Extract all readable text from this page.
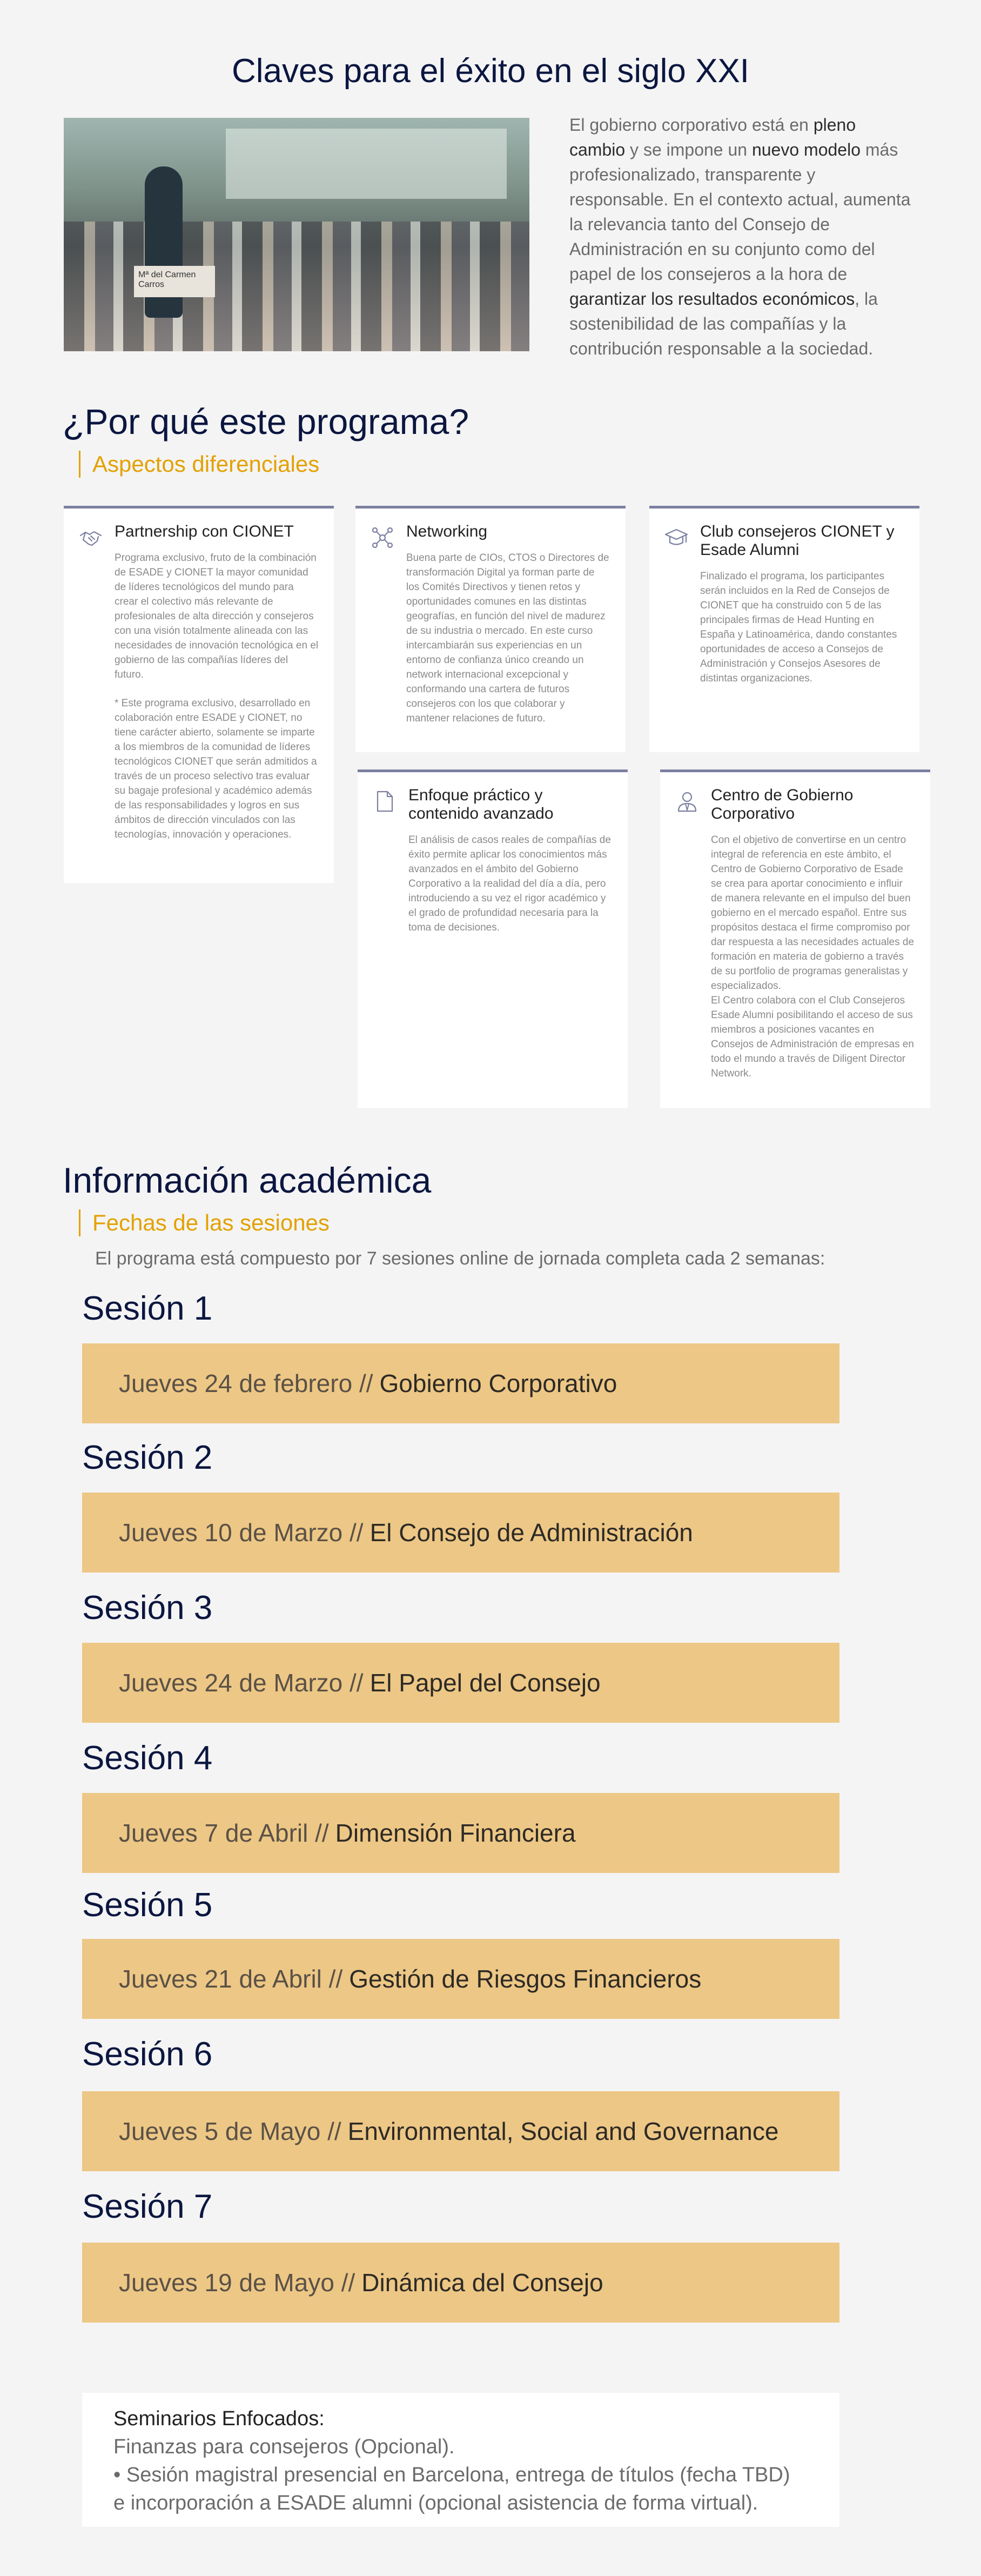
Claves para el éxito en el siglo XXI
Mª del Carmen Carros

El gobierno corporativo está en pleno cambio y se impone un nuevo modelo más profesionalizado, transparente y responsable. En el contexto actual, aumenta la relevancia tanto del Consejo de Administración en su conjunto como del papel de los consejeros a la hora de garantizar los resultados económicos, la sostenibilidad de las compañías y la contribución responsable a la sociedad.

¿Por qué este programa?
Aspectos diferenciales
Partnership con CIONET

Programa exclusivo, fruto de la combinación de ESADE y CIONET la mayor comunidad de líderes tecnológicos del mundo para crear el colectivo más relevante de profesionales de alta dirección y consejeros con una visión totalmente alineada con las necesidades de innovación tecnológica en el gobierno de las compañías líderes del futuro.

* Este programa exclusivo, desarrollado en colaboración entre ESADE y CIONET, no tiene carácter abierto, solamente se imparte a los miembros de la comunidad de líderes tecnológicos CIONET que serán admitidos a través de un proceso selectivo tras evaluar su bagaje profesional y académico además de las responsabilidades y logros en sus ámbitos de dirección vinculados con las tecnologías, innovación y operaciones.

Networking

Buena parte de CIOs, CTOS o Directores de transformación Digital ya forman parte de los Comités Directivos y tienen retos y oportunidades comunes en las distintas geografías, en función del nivel de madurez de su industria o mercado. En este curso intercambiarán sus experiencias en un entorno de confianza único creando un network internacional excepcional y conformando una cartera de futuros consejeros con los que colaborar y mantener relaciones de futuro.

Club consejeros CIONET y Esade Alumni

Finalizado el programa, los participantes serán incluidos en la Red de Consejos de CIONET que ha construido con 5 de las principales firmas de Head Hunting en España y Latinoamérica, dando constantes oportunidades de acceso a Consejos de Administración y Consejos Asesores de distintas organizaciones.

Enfoque práctico y contenido avanzado

El análisis de casos reales de compañías de éxito permite aplicar los conocimientos más avanzados en el ámbito del Gobierno Corporativo a la realidad del día a día, pero introduciendo a su vez el rigor académico y el grado de profundidad necesaria para la toma de decisiones.

Centro de Gobierno Corporativo

Con el objetivo de convertirse en un centro integral de referencia en este ámbito, el Centro de Gobierno Corporativo de Esade se crea para aportar conocimiento e influir de manera relevante en el impulso del buen gobierno en el mercado español. Entre sus propósitos destaca el firme compromiso por dar respuesta a las necesidades actuales de formación en materia de gobierno a través de su portfolio de programas generalistas y especializados.
El Centro colabora con el Club Consejeros Esade Alumni posibilitando el acceso de sus miembros a posiciones vacantes en Consejos de Administración de empresas en todo el mundo a través de Diligent Director Network.

Información académica
Fechas de las sesiones

El programa está compuesto por 7 sesiones online de jornada completa cada 2 semanas:

Sesión 1
Jueves 24 de febrero // Gobierno Corporativo
Sesión 2
Jueves 10 de Marzo // El Consejo de Administración
Sesión 3
Jueves 24 de Marzo // El Papel del Consejo
Sesión 4
Jueves 7 de Abril // Dimensión Financiera
Sesión 5
Jueves 21 de Abril // Gestión de Riesgos Financieros
Sesión 6
Jueves 5 de Mayo // Environmental, Social and Governance
Sesión 7
Jueves 19 de Mayo // Dinámica del Consejo
Seminarios Enfocados:
Finanzas para consejeros (Opcional).
• Sesión magistral presencial en Barcelona, entrega de títulos (fecha TBD)
e incorporación a ESADE alumni (opcional asistencia de forma virtual).
